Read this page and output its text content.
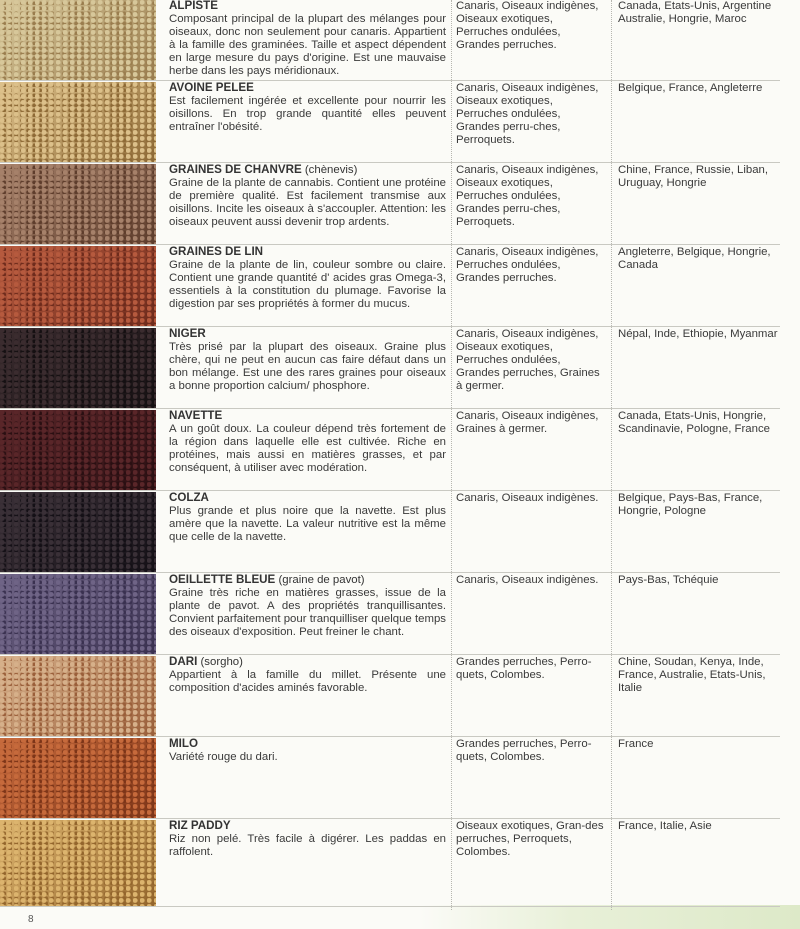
ALPISTE
Composant principal de la plupart des mélanges pour oiseaux, donc non seulement pour canaris. Appartient à la famille des graminées. Taille et aspect dépendent en large mesure du pays d'origine. Est une mauvaise herbe dans les pays méridionaux.
Canaris, Oiseaux indigènes, Oiseaux exotiques, Perruches ondulées, Grandes perruches.
Canada, Etats-Unis, Argentine Australie, Hongrie, Maroc
AVOINE PELEE
Est facilement ingérée et excellente pour nourrir les oisillons. En trop grande quantité elles peuvent entraîner l'obésité.
Canaris, Oiseaux indigènes, Oiseaux exotiques, Perruches ondulées, Grandes perru-ches, Perroquets.
Belgique, France, Angleterre
GRAINES DE CHANVRE (chènevis)
Graine de la plante de cannabis. Contient une protéine de première qualité. Est facilement transmise aux oisillons. Incite les oiseaux à s'accoupler. Attention: les oiseaux peuvent aussi devenir trop ardents.
Canaris, Oiseaux indigènes, Oiseaux exotiques, Perruches ondulées, Grandes perru-ches, Perroquets.
Chine, France, Russie, Liban, Uruguay, Hongrie
GRAINES DE LIN
Graine de la plante de lin, couleur sombre ou claire. Contient une grande quantité d' acides gras Omega-3, essentiels à la constitution du plumage. Favorise la digestion par ses propriétés à former du mucus.
Canaris, Oiseaux indigènes, Perruches ondulées, Grandes perruches.
Angleterre, Belgique, Hongrie, Canada
NIGER
Très prisé par la plupart des oiseaux. Graine plus chère, qui ne peut en aucun cas faire défaut dans un bon mélange. Est une des rares graines pour oiseaux a bonne proportion calcium/ phosphore.
Canaris, Oiseaux indigènes, Oiseaux exotiques, Perruches ondulées, Grandes perruches, Graines à germer.
Népal, Inde, Ethiopie, Myanmar
NAVETTE
A un goût doux. La couleur dépend très fortement de la région dans laquelle elle est cultivée. Riche en protéines, mais aussi en matières grasses, et par conséquent, à utiliser avec modération.
Canaris, Oiseaux indigènes, Graines à germer.
Canada, Etats-Unis, Hongrie, Scandinavie, Pologne, France
COLZA
Plus grande et plus noire que la navette. Est plus amère que la navette. La valeur nutritive est la même que celle de la navette.
Canaris, Oiseaux indigènes.	Belgique, Pays-Bas, France, Hongrie, Pologne
OEILLETTE BLEUE (graine de pavot)
Graine très riche en matières grasses, issue de la plante de pavot. A des propriétés tranquillisantes. Convient parfaitement pour tranquilliser quelque temps des oiseaux d'exposition. Peut freiner le chant.
Canaris, Oiseaux indigènes.	Pays-Bas, Tchéquie
DARI (sorgho)
Appartient à la famille du millet. Présente une composition d'acides aminés favorable.
Grandes perruches, Perro-quets, Colombes.
Chine, Soudan, Kenya, Inde, France, Australie, Etats-Unis, Italie
MILO
Variété rouge du dari.
Grandes perruches, Perro-quets, Colombes.
France
RIZ PADDY
Riz non pelé. Très facile à digérer. Les paddas en raffolent.
Oiseaux exotiques, Gran-des perruches, Perroquets, Colombes.
France, Italie, Asie
8
